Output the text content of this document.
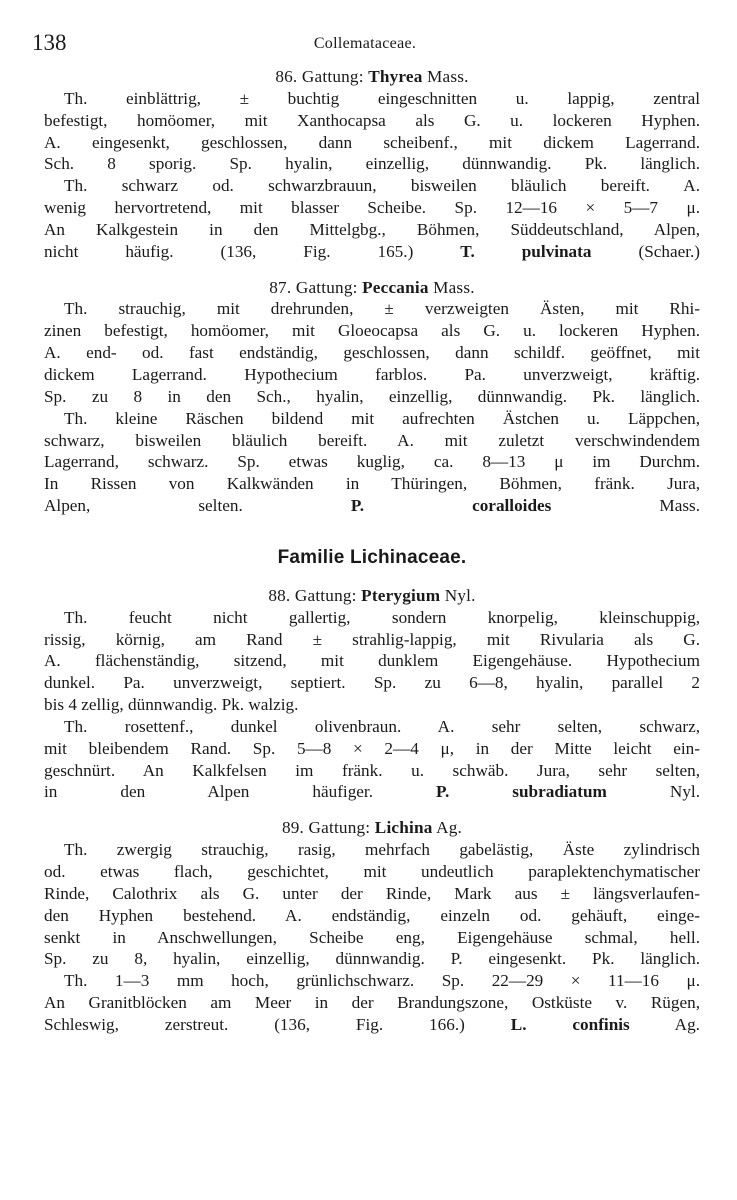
138	Collemataceae.
86. Gattung: Thyrea Mass.
Th. einblättrig, ± buchtig eingeschnitten u. lappig, zentral
befestigt, homöomer, mit Xanthocapsa als G. u. lockeren Hyphen.
A. eingesenkt, geschlossen, dann scheibenf., mit dickem Lagerrand.
Sch. 8 sporig. Sp. hyalin, einzellig, dünnwandig. Pk. länglich.
Th. schwarz od. schwarzbrauun, bisweilen bläulich bereift. A.
wenig hervortretend, mit blasser Scheibe. Sp. 12—16 × 5—7 μ.
An Kalkgestein in den Mittelgbg., Böhmen, Süddeutschland, Alpen,
nicht häufig. (136, Fig. 165.)	T. pulvinata	(Schaer.)
87. Gattung: Peccania Mass.
Th. strauchig, mit drehrunden, ± verzweigten Ästen, mit Rhi-
zinen befestigt, homöomer, mit Gloeocapsa als G. u. lockeren Hyphen.
A. end- od. fast endständig, geschlossen, dann schildf. geöffnet, mit
dickem Lagerrand. Hypothecium farblos. Pa. unverzweigt, kräftig.
Sp. zu 8 in den Sch., hyalin, einzellig, dünnwandig. Pk. länglich.
Th. kleine Räschen bildend mit aufrechten Ästchen u. Läppchen,
schwarz, bisweilen bläulich bereift. A. mit zuletzt verschwindendem
Lagerrand, schwarz. Sp. etwas kuglig, ca. 8—13 μ im Durchm.
In Rissen von Kalkwänden in Thüringen, Böhmen, fränk. Jura,
Alpen, selten.	P. coralloides	Mass.
Familie Lichinaceae.
88. Gattung: Pterygium Nyl.
Th. feucht nicht gallertig, sondern knorpelig, kleinschuppig,
rissig, körnig, am Rand ± strahlig-lappig, mit Rivularia als G.
A. flächenständig, sitzend, mit dunklem Eigengehäuse. Hypothecium
dunkel. Pa. unverzweigt, septiert. Sp. zu 6—8, hyalin, parallel 2
bis 4 zellig, dünnwandig. Pk. walzig.
Th. rosettenf., dunkel olivenbraun. A. sehr selten, schwarz,
mit bleibendem Rand. Sp. 5—8 × 2—4 μ, in der Mitte leicht ein-
geschnürt. An Kalkfelsen im fränk. u. schwäb. Jura, sehr selten,
in den Alpen häufiger.	P. subradiatum	Nyl.
89. Gattung: Lichina Ag.
Th. zwergig strauchig, rasig, mehrfach gabelästig, Äste zylindrisch
od. etwas flach, geschichtet, mit undeutlich paraplektenchymatischer
Rinde, Calothrix als G. unter der Rinde, Mark aus ± längsverlaufen-
den Hyphen bestehend. A. endständig, einzeln od. gehäuft, einge-
senkt in Anschwellungen, Scheibe eng, Eigengehäuse schmal, hell.
Sp. zu 8, hyalin, einzellig, dünnwandig. P. eingesenkt. Pk. länglich.
Th. 1—3 mm hoch, grünlichschwarz. Sp. 22—29 × 11—16 μ.
An Granitblöcken am Meer in der Brandungszone, Ostküste v. Rügen,
Schleswig, zerstreut. (136, Fig. 166.)	L. confinis	Ag.
